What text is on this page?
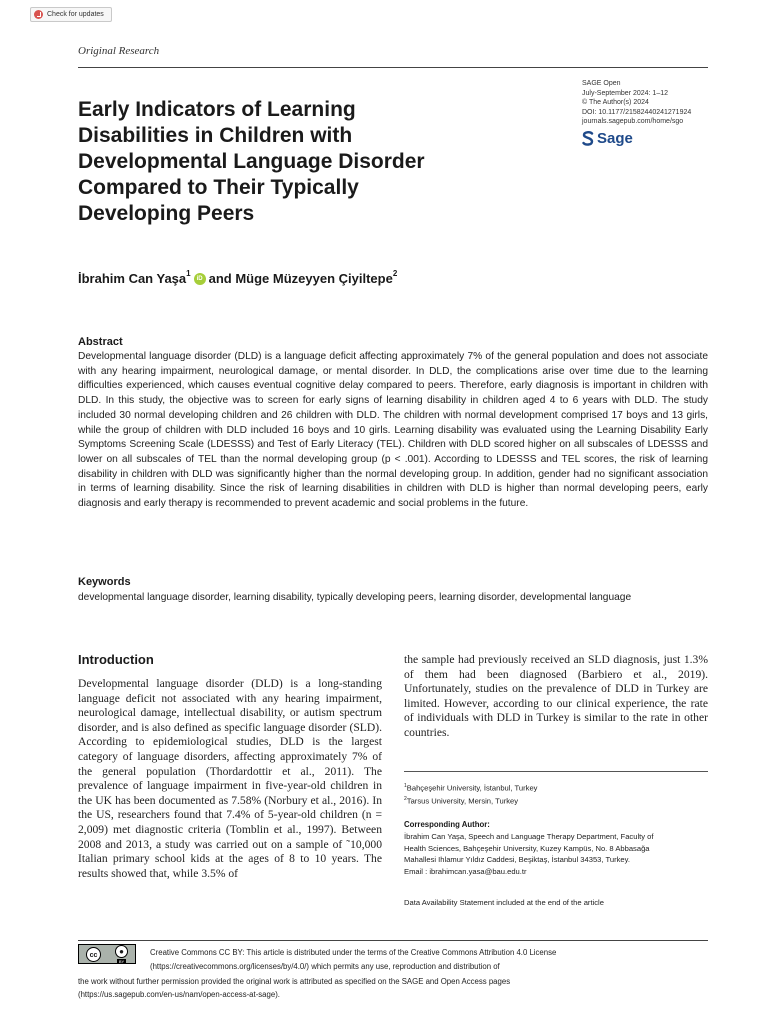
Check for updates
Original Research
SAGE Open
July-September 2024: 1–12
© The Author(s) 2024
DOI: 10.1177/21582440241271924
journals.sagepub.com/home/sgo
Sage
Early Indicators of Learning Disabilities in Children with Developmental Language Disorder Compared to Their Typically Developing Peers
İbrahim Can Yaşa$^1$
iD and Müge Müzeyyen Çiyiltepe$^2$
Abstract
Developmental language disorder (DLD) is a language deficit affecting approximately 7% of the general population and does not associate with any hearing impairment, neurological damage, or mental disorder. In DLD, the complications arise over time due to the learning difficulties experienced, which causes eventual cognitive delay compared to peers. Therefore, early diagnosis is important in children with DLD. In this study, the objective was to screen for early signs of learning disability in children aged 4 to 6 years with DLD. The study included 30 normal developing children and 26 children with DLD. The children with normal development comprised 17 boys and 13 girls, while the group of children with DLD included 16 boys and 10 girls. Learning disability was evaluated using the Learning Disability Early Symptoms Screening Scale (LDESSS) and Test of Early Literacy (TEL). Children with DLD scored higher on all subscales of LDESSS and lower on all subscales of TEL than the normal developing group (p < .001). According to LDESSS and TEL scores, the risk of learning disability in children with DLD was significantly higher than the normal developing group. In addition, gender had no significant association in terms of learning disability. Since the risk of learning disabilities in children with DLD is higher than normal developing peers, early diagnosis and early therapy is recommended to prevent academic and social problems in the future.
Keywords
developmental language disorder, learning disability, typically developing peers, learning disorder, developmental language
Introduction
Developmental language disorder (DLD) is a long-standing language deficit not associated with any hearing impairment, neurological damage, intellectual disability, or autism spectrum disorder, and is also defined as specific language disorder (SLD). According to epidemiological studies, DLD is the largest category of language disorders, affecting approximately 7% of the general population (Thordardottir et al., 2011). The prevalence of language impairment in five-year-old children in the UK has been documented as 7.58% (Norbury et al., 2016). In the US, researchers found that 7.4% of 5-year-old children (n = 2,009) met diagnostic criteria (Tomblin et al., 1997). Between 2008 and 2013, a study was carried out on a sample of ˜10,000 Italian primary school kids at the ages of 8 to 10 years. The results showed that, while 3.5% of
the sample had previously received an SLD diagnosis, just 1.3% of them had been diagnosed (Barbiero et al., 2019). Unfortunately, studies on the prevalence of DLD in Turkey are limited. However, according to our clinical experience, the rate of individuals with DLD in Turkey is similar to the rate in other countries.
$^1$Bahçeşehir University, İstanbul, Turkey
$^2$Tarsus University, Mersin, Turkey
Corresponding Author:
İbrahim Can Yaşa, Speech and Language Therapy Department, Faculty of
Health Sciences, Bahçeşehir University, Kuzey Kampüs, No. 8 Abbasağa
Mahallesi Ihlamur Yıldız Caddesi, Beşiktaş, İstanbul 34353, Turkey.
Email : ibrahimcan.yasa@bau.edu.tr
Data Availability Statement included at the end of the article
cc	●
BY
Creative Commons CC BY: This article is distributed under the terms of the Creative Commons Attribution 4.0 License
(https://creativecommons.org/licenses/by/4.0/) which permits any use, reproduction and distribution of
the work without further permission provided the original work is attributed as specified on the SAGE and Open Access pages
(https://us.sagepub.com/en-us/nam/open-access-at-sage).
